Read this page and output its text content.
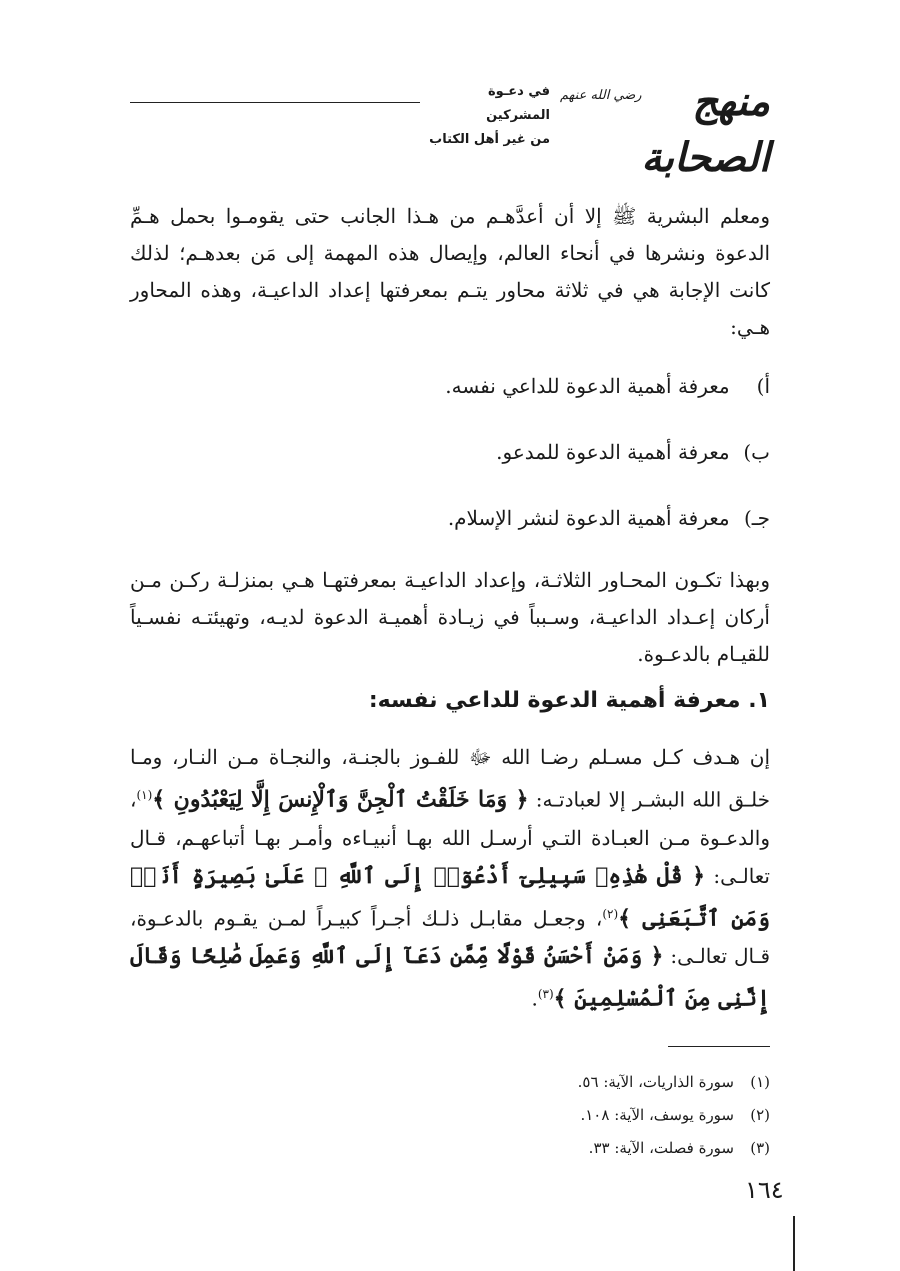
في دعـوة المشركين
من غير أهل الكتاب
رضي الله عنهم	منهج الصحابة

ومعلم البشرية ﷺ إلا أن أعدَّهـم من هـذا الجانب حتى يقومـوا بحمل هـمِّ الدعوة ونشرها في أنحاء العالم، وإيصال هذه المهمة إلى مَن بعدهـم؛ لذلك كانت الإجابة هي في ثلاثة محاور يتـم بمعرفتها إعداد الداعيـة، وهذه المحاور هـي:

أ) معرفة أهمية الدعوة للداعي نفسه.

ب) معرفة أهمية الدعوة للمدعو.

جـ) معرفة أهمية الدعوة لنشر الإسلام.

وبهذا تكـون المحـاور الثلاثـة، وإعداد الداعيـة بمعرفتهـا هـي بمنزلـة ركـن مـن أركان إعـداد الداعيـة، وسـبباً في زيـادة أهميـة الدعوة لديـه، وتهيئتـه نفسـياً للقيـام بالدعـوة.

١. معرفة أهمية الدعوة للداعي نفسه:

إن هـدف كـل مسـلم رضـا الله ﷻ للفـوز بالجنـة، والنجـاة مـن النـار، ومـا خلـق الله البشـر إلا لعبادتـه: ﴿ وَمَا خَلَقْتُ ٱلْجِنَّ وَٱلْإِنسَ إِلَّا لِيَعْبُدُونِ ﴾$^{(١)}$، والدعـوة مـن العبـادة التـي أرسـل الله بهـا أنبيـاءه وأمـر بهـا أتباعهـم، قـال تعالـى: ﴿ قُلْ هَٰذِهِۦ سَبِيلِىٓ أَدْعُوٓا۟ إِلَى ٱللَّهِ ۚ عَلَىٰ بَصِيرَةٍ أَنَا۠ وَمَنِ ٱتَّبَعَنِى ﴾$^{(٢)}$، وجعـل مقابـل ذلـك أجـراً كبيـراً لمـن يقـوم بالدعـوة، قـال تعالـى: ﴿ وَمَنْ أَحْسَنُ قَوْلًا مِّمَّن دَعَآ إِلَى ٱللَّهِ وَعَمِلَ صَٰلِحًا وَقَالَ إِنَّنِى مِنَ ٱلْمُسْلِمِينَ ﴾$^{(٣)}$.

(١)سورة الذاريات، الآية: ٥٦.

(٢)سورة يوسف، الآية: ١٠٨.

(٣)سورة فصلت، الآية: ٣٣.

١٦٤
